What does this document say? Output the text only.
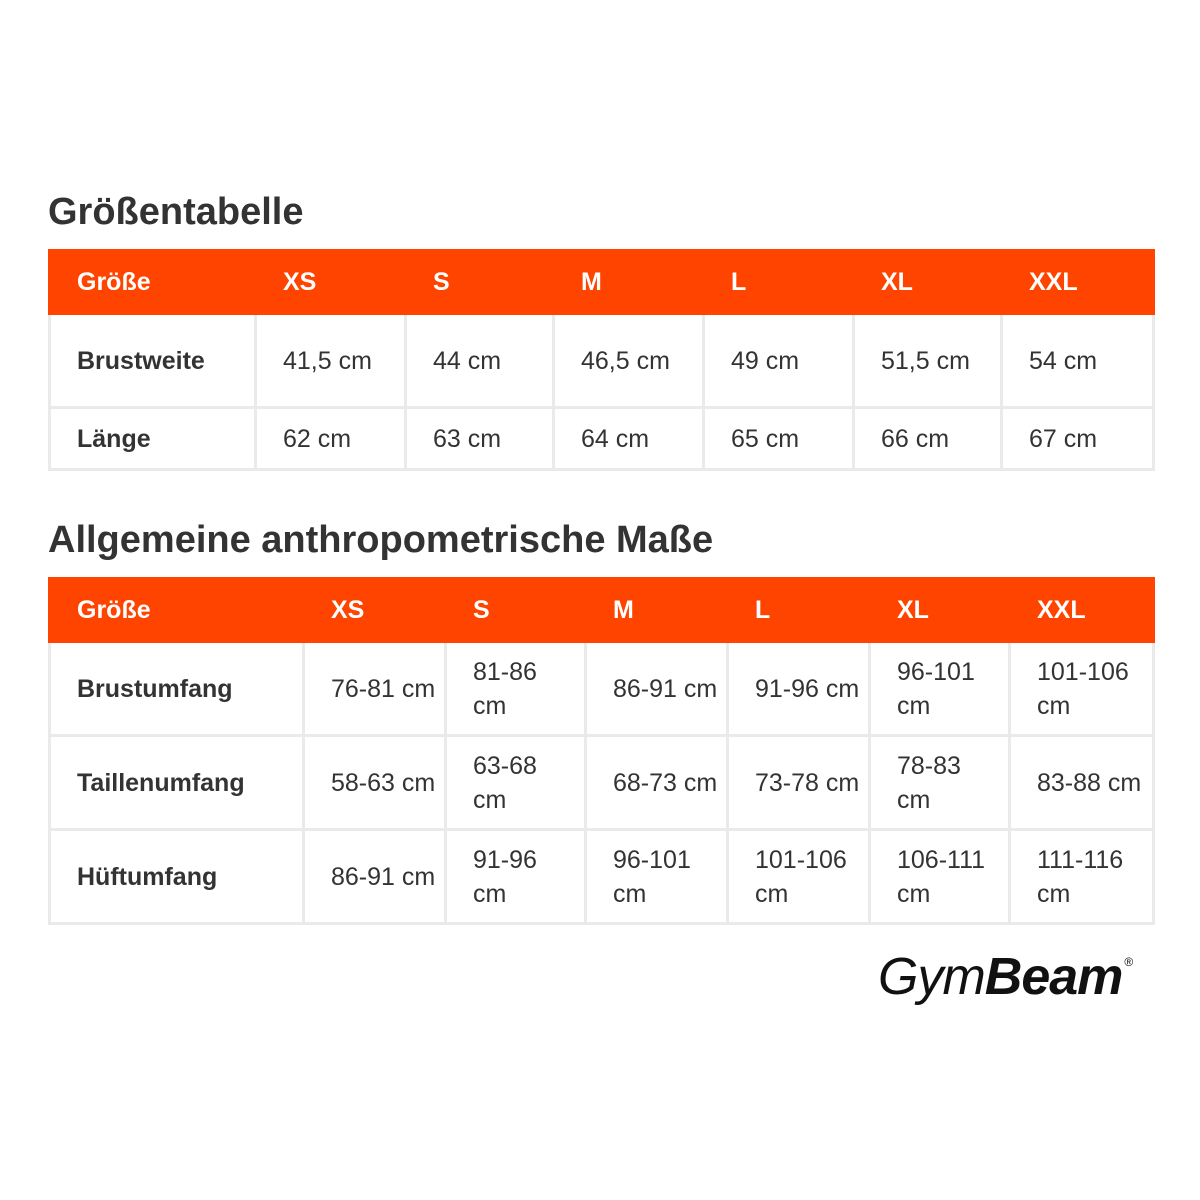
Größentabelle
Größe	XS	S	M	L	XL	XXL
Brustweite	41,5 cm	44 cm	46,5 cm	49 cm	51,5 cm	54 cm
Länge	62 cm	63 cm	64 cm	65 cm	66 cm	67 cm
Allgemeine anthropometrische Maße
Größe	XS	S	M	L	XL	XXL
Brustumfang	76-81 cm	81-86 cm	86-91 cm	91-96 cm	96-101 cm	101-106 cm
Taillenumfang	58-63 cm	63-68 cm	68-73 cm	73-78 cm	78-83 cm	83-88 cm
Hüftumfang	86-91 cm	91-96 cm	96-101 cm	101-106 cm	106-111 cm	111-116 cm
GymBeam ®
